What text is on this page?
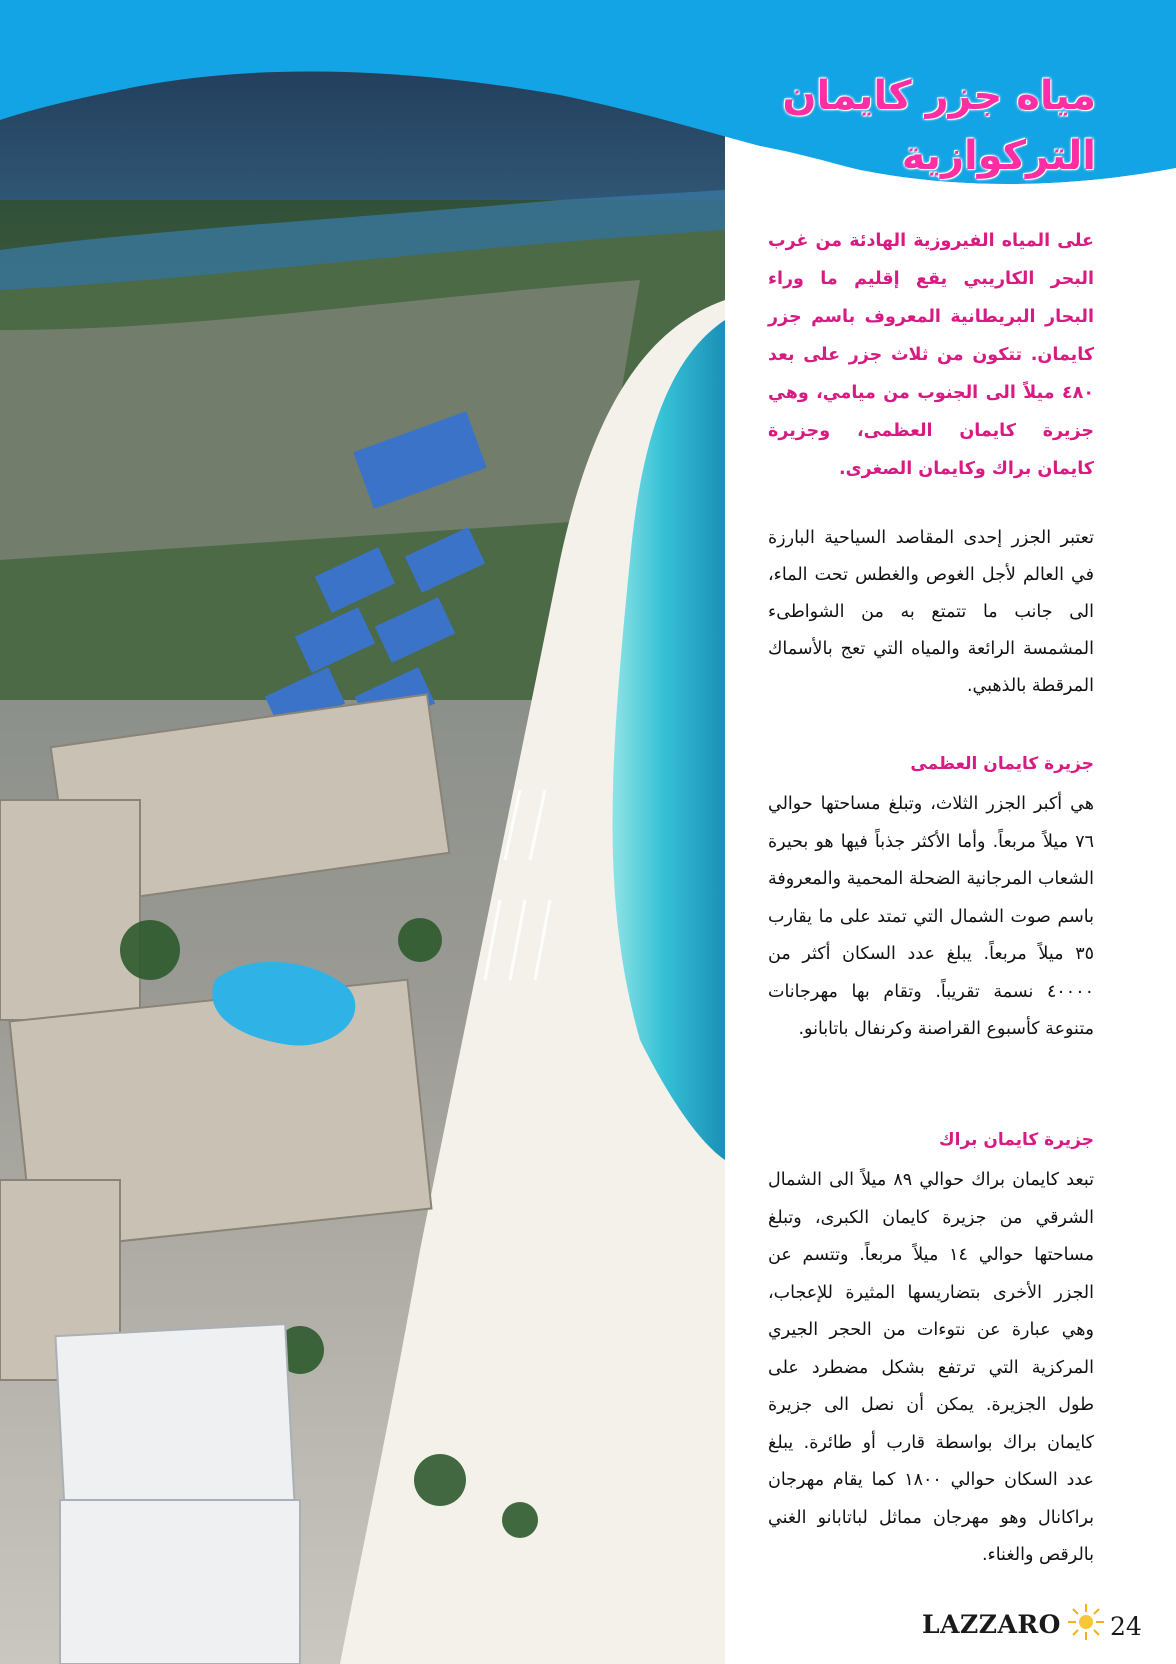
مياه جزر كايمان التركوازية
على المياه الفيروزية الهادئة من غرب البحر الكاريبي يقع إقليم ما وراء البحار البريطانية المعروف باسم جزر كايمان. تتكون من ثلاث جزر على بعد ٤٨٠ ميلاً الى الجنوب من ميامي، وهي جزيرة كايمان العظمى، وجزيرة كايمان براك وكايمان الصغرى.
تعتبر الجزر إحدى المقاصد السياحية البارزة في العالم لأجل الغوص والغطس تحت الماء، الى جانب ما تتمتع به من الشواطىء المشمسة الرائعة والمياه التي تعج بالأسماك المرقطة بالذهبي.
جزيرة كايمان العظمى
هي أكبر الجزر الثلاث، وتبلغ مساحتها حوالي ٧٦ ميلاً مربعاً. وأما الأكثر جذباً فيها هو بحيرة الشعاب المرجانية الضحلة المحمية والمعروفة باسم صوت الشمال التي تمتد على ما يقارب ٣٥ ميلاً مربعاً. يبلغ عدد السكان أكثر من ٤٠٠٠٠ نسمة تقريباً. وتقام بها مهرجانات متنوعة كأسبوع القراصنة وكرنفال باتابانو.
جزيرة كايمان براك
تبعد كايمان براك حوالي ٨٩ ميلاً الى الشمال الشرقي من جزيرة كايمان الكبرى، وتبلغ مساحتها حوالي ١٤ ميلاً مربعاً. وتتسم عن الجزر الأخرى بتضاريسها المثيرة للإعجاب، وهي عبارة عن نتوءات من الحجر الجيري المركزية التي ترتفع بشكل مضطرد على طول الجزيرة. يمكن أن نصل الى جزيرة كايمان براك بواسطة قارب أو طائرة. يبلغ عدد السكان حوالي ١٨٠٠ كما يقام مهرجان براكانال وهو مهرجان مماثل لباتابانو الغني بالرقص والغناء.
LAZZARO 24
